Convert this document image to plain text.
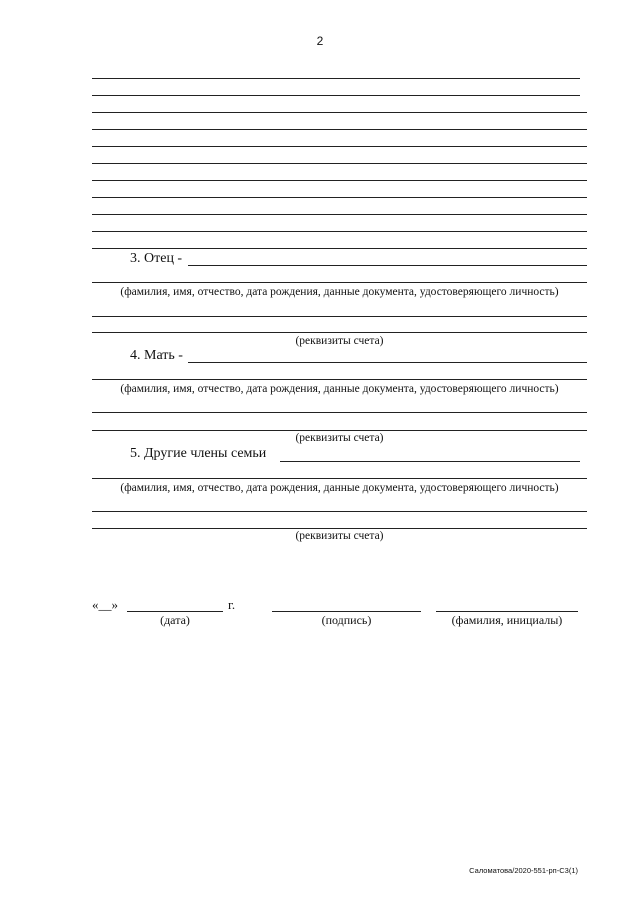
2
3. Отец -
(фамилия, имя, отчество, дата рождения, данные документа, удостоверяющего личность)
(реквизиты счета)
4. Мать -
(фамилия, имя, отчество, дата рождения, данные документа, удостоверяющего личность)
(реквизиты счета)
5. Другие члены семьи
(фамилия, имя, отчество, дата рождения, данные документа, удостоверяющего личность)
(реквизиты счета)
«__»	г.
(дата)	(подпись)	(фамилия, инициалы)
Саломатова/2020-551-рп-С3(1)
